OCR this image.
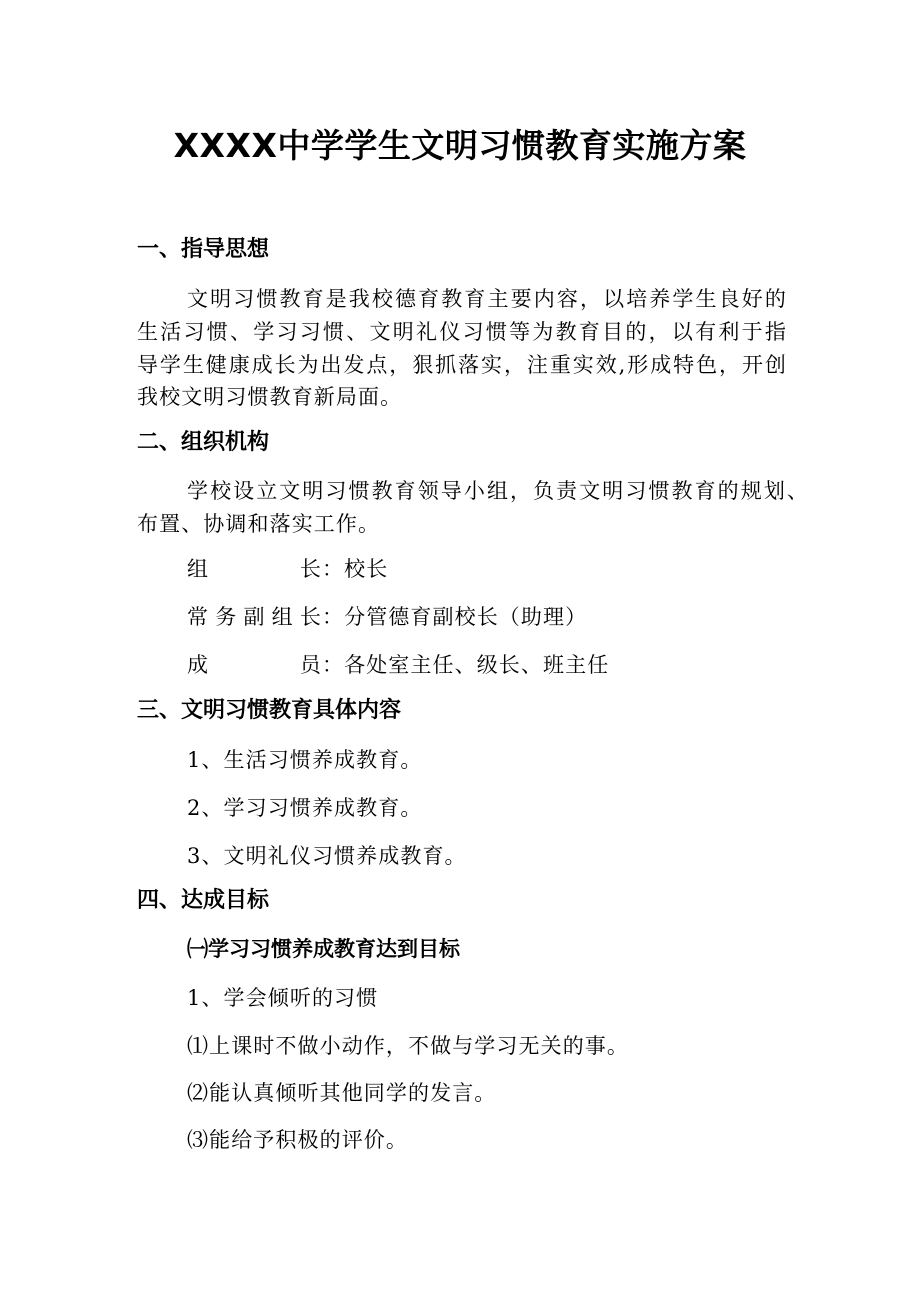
XXXX中学学生文明习惯教育实施方案
一、指导思想
文明习惯教育是我校德育教育主要内容，以培养学生良好的
生活习惯、学习习惯、文明礼仪习惯等为教育目的，以有利于指
导学生健康成长为出发点，狠抓落实，注重实效,形成特色，开创
我校文明习惯教育新局面。
二、组织机构
学校设立文明习惯教育领导小组，负责文明习惯教育的规划、
布置、协调和落实工作。
组 长：校长
常务副组长：分管德育副校长（助理）
成 员：各处室主任、级长、班主任
三、文明习惯教育具体内容
1、生活习惯养成教育。
2、学习习惯养成教育。
3、文明礼仪习惯养成教育。
四、达成目标
㈠学习习惯养成教育达到目标
1、学会倾听的习惯
⑴上课时不做小动作，不做与学习无关的事。
⑵能认真倾听其他同学的发言。
⑶能给予积极的评价。
